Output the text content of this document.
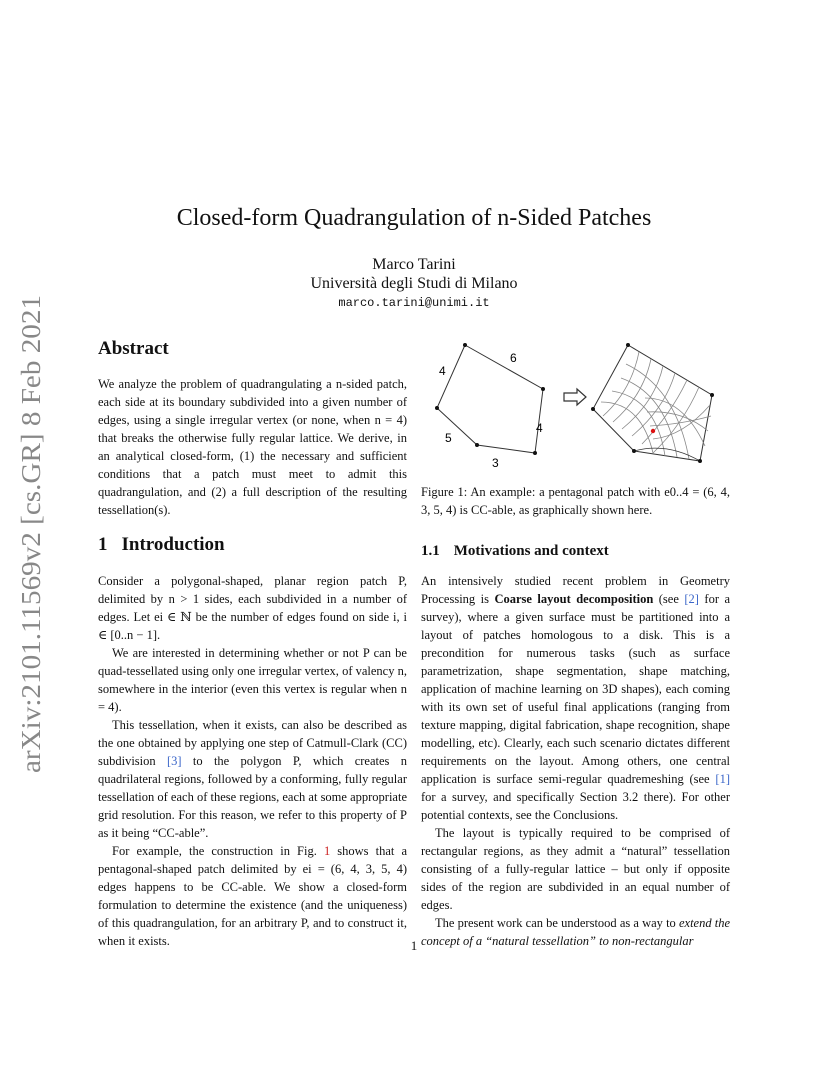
arXiv:2101.11569v2 [cs.GR] 8 Feb 2021
Closed-form Quadrangulation of n-Sided Patches
Marco Tarini
Università degli Studi di Milano
marco.tarini@unimi.it
Abstract

We analyze the problem of quadrangulating a n-sided patch, each side at its boundary subdivided into a given number of edges, using a single irregular vertex (or none, when n = 4) that breaks the otherwise fully regular lattice. We derive, in an analytical closed-form, (1) the necessary and sufficient conditions that a patch must meet to admit this quadrangulation, and (2) a full description of the resulting tessellation(s).

4
6
4
3
5
Figure 1: An example: a pentagonal patch with e0..4 = (6, 4, 3, 5, 4) is CC-able, as graphically shown here.
1 Introduction

Consider a polygonal-shaped, planar region patch P, delimited by n > 1 sides, each subdivided in a number of edges. Let ei ∈ ℕ be the number of edges found on side i, i ∈ [0..n − 1].

We are interested in determining whether or not P can be quad-tessellated using only one irregular vertex, of valency n, somewhere in the interior (even this vertex is regular when n = 4).

This tessellation, when it exists, can also be described as the one obtained by applying one step of Catmull-Clark (CC) subdivision [3] to the polygon P, which creates n quadrilateral regions, followed by a conforming, fully regular tessellation of each of these regions, each at some appropriate grid resolution. For this reason, we refer to this property of P as it being “CC-able”.

For example, the construction in Fig. 1 shows that a pentagonal-shaped patch delimited by ei = (6, 4, 3, 5, 4) edges happens to be CC-able. We show a closed-form formulation to determine the existence (and the uniqueness) of this quadrangulation, for an arbitrary P, and to construct it, when it exists.

1.1 Motivations and context

An intensively studied recent problem in Geometry Processing is Coarse layout decomposition (see [2] for a survey), where a given surface must be partitioned into a layout of patches homologous to a disk. This is a precondition for numerous tasks (such as surface parametrization, shape segmentation, shape matching, application of machine learning on 3D shapes), each coming with its own set of useful final applications (ranging from texture mapping, digital fabrication, shape recognition, shape modelling, etc). Clearly, each such scenario dictates different requirements on the layout. Among others, one central application is surface semi-regular quadremeshing (see [1] for a survey, and specifically Section 3.2 there). For other potential contexts, see the Conclusions.

The layout is typically required to be comprised of rectangular regions, as they admit a “natural” tessellation consisting of a fully-regular lattice – but only if opposite sides of the region are subdivided in an equal number of edges.

The present work can be understood as a way to extend the concept of a “natural tessellation” to non-rectangular

1
